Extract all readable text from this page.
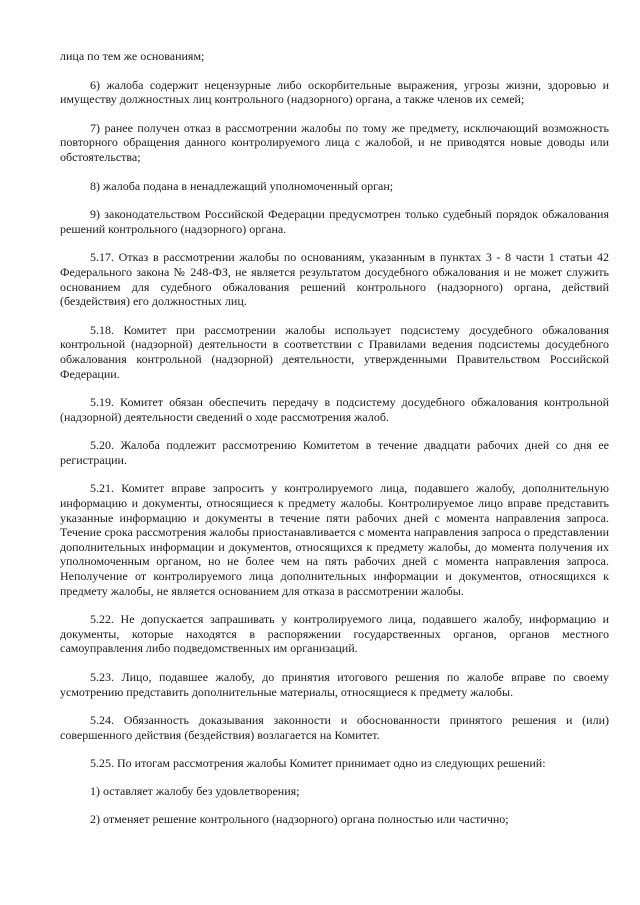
лица по тем же основаниям;

6) жалоба содержит нецензурные либо оскорбительные выражения, угрозы жизни, здоровью и имуществу должностных лиц контрольного (надзорного) органа, а также членов их семей;

7) ранее получен отказ в рассмотрении жалобы по тому же предмету, исключающий возможность повторного обращения данного контролируемого лица с жалобой, и не приводятся новые доводы или обстоятельства;

8) жалоба подана в ненадлежащий уполномоченный орган;

9) законодательством Российской Федерации предусмотрен только судебный порядок обжалования решений контрольного (надзорного) органа.

5.17. Отказ в рассмотрении жалобы по основаниям, указанным в пунктах 3 - 8 части 1 статьи 42 Федерального закона № 248-ФЗ, не является результатом досудебного обжалования и не может служить основанием для судебного обжалования решений контрольного (надзорного) органа, действий (бездействия) его должностных лиц.

5.18. Комитет при рассмотрении жалобы использует подсистему досудебного обжалования контрольной (надзорной) деятельности в соответствии с Правилами ведения подсистемы досудебного обжалования контрольной (надзорной) деятельности, утвержденными Правительством Российской Федерации.

5.19. Комитет обязан обеспечить передачу в подсистему досудебного обжалования контрольной (надзорной) деятельности сведений о ходе рассмотрения жалоб.

5.20. Жалоба подлежит рассмотрению Комитетом в течение двадцати рабочих дней со дня ее регистрации.

5.21. Комитет вправе запросить у контролируемого лица, подавшего жалобу, дополнительную информацию и документы, относящиеся к предмету жалобы. Контролируемое лицо вправе представить указанные информацию и документы в течение пяти рабочих дней с момента направления запроса. Течение срока рассмотрения жалобы приостанавливается с момента направления запроса о представлении дополнительных информации и документов, относящихся к предмету жалобы, до момента получения их уполномоченным органом, но не более чем на пять рабочих дней с момента направления запроса. Неполучение от контролируемого лица дополнительных информации и документов, относящихся к предмету жалобы, не является основанием для отказа в рассмотрении жалобы.

5.22. Не допускается запрашивать у контролируемого лица, подавшего жалобу, информацию и документы, которые находятся в распоряжении государственных органов, органов местного самоуправления либо подведомственных им организаций.

5.23. Лицо, подавшее жалобу, до принятия итогового решения по жалобе вправе по своему усмотрению представить дополнительные материалы, относящиеся к предмету жалобы.

5.24. Обязанность доказывания законности и обоснованности принятого решения и (или) совершенного действия (бездействия) возлагается на Комитет.

5.25. По итогам рассмотрения жалобы Комитет принимает одно из следующих решений:

1) оставляет жалобу без удовлетворения;

2) отменяет решение контрольного (надзорного) органа полностью или частично;
